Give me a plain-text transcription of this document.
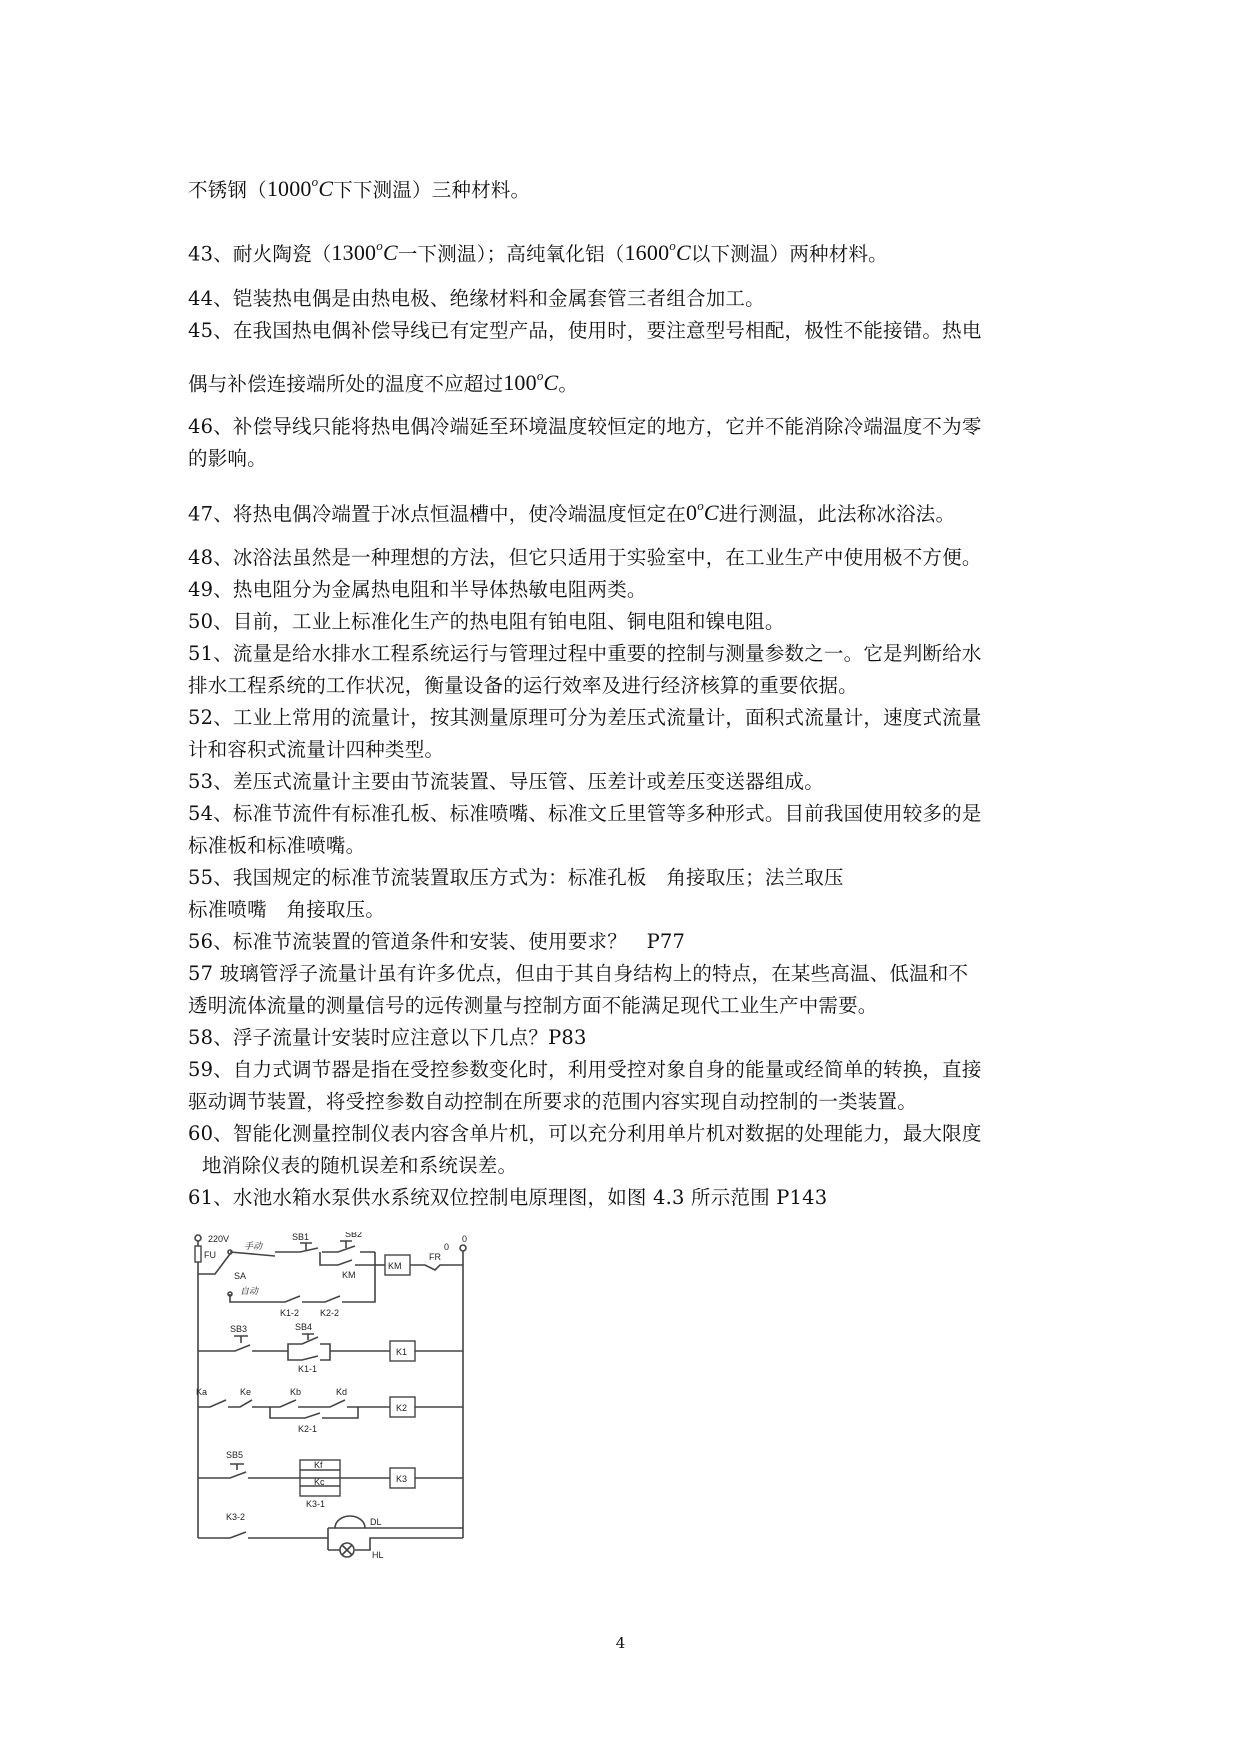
不锈钢（1000$^o$C下下测温）三种材料。
43、耐火陶瓷（1300$^o$C一下测温）；高纯氧化铝（1600$^o$C以下测温）两种材料。
44、铠装热电偶是由热电极、绝缘材料和金属套管三者组合加工。
45、在我国热电偶补偿导线已有定型产品，使用时，要注意型号相配，极性不能接错。热电
偶与补偿连接端所处的温度不应超过100$^o$C。
46、补偿导线只能将热电偶冷端延至环境温度较恒定的地方，它并不能消除冷端温度不为零
的影响。
47、将热电偶冷端置于冰点恒温槽中，使冷端温度恒定在0$^o$C进行测温，此法称冰浴法。
48、冰浴法虽然是一种理想的方法，但它只适用于实验室中，在工业生产中使用极不方便。
49、热电阻分为金属热电阻和半导体热敏电阻两类。
50、目前，工业上标准化生产的热电阻有铂电阻、铜电阻和镍电阻。
51、流量是给水排水工程系统运行与管理过程中重要的控制与测量参数之一。它是判断给水
排水工程系统的工作状况，衡量设备的运行效率及进行经济核算的重要依据。
52、工业上常用的流量计，按其测量原理可分为差压式流量计，面积式流量计，速度式流量
计和容积式流量计四种类型。
53、差压式流量计主要由节流装置、导压管、压差计或差压变送器组成。
54、标准节流件有标准孔板、标准喷嘴、标准文丘里管等多种形式。目前我国使用较多的是
标准板和标准喷嘴。
55、我国规定的标准节流装置取压方式为：标准孔板　角接取压；法兰取压
标准喷嘴　角接取压。
56、标准节流装置的管道条件和安装、使用要求？　P77
57 玻璃管浮子流量计虽有许多优点，但由于其自身结构上的特点，在某些高温、低温和不
透明流体流量的测量信号的远传测量与控制方面不能满足现代工业生产中需要。
58、浮子流量计安装时应注意以下几点？P83
59、自力式调节器是指在受控参数变化时，利用受控对象自身的能量或经简单的转换，直接
驱动调节装置，将受控参数自动控制在所要求的范围内容实现自动控制的一类装置。
60、智能化测量控制仪表内容含单片机，可以充分利用单片机对数据的处理能力，最大限度
地消除仪表的随机误差和系统误差。
61、水池水箱水泵供水系统双位控制电原理图，如图 4.3 所示范围 P143
220V
0
0
FU
SB1	SB2
手动
SA	KM
KM
FR
自动
K1-2 K2-2
SB3	SB4
K1-1
K1
Ka	Ke	Kb	Kd
K2-1
K2
SB5
Kf
Kc
K3-1
K3
K3-2	DL
HL
4
